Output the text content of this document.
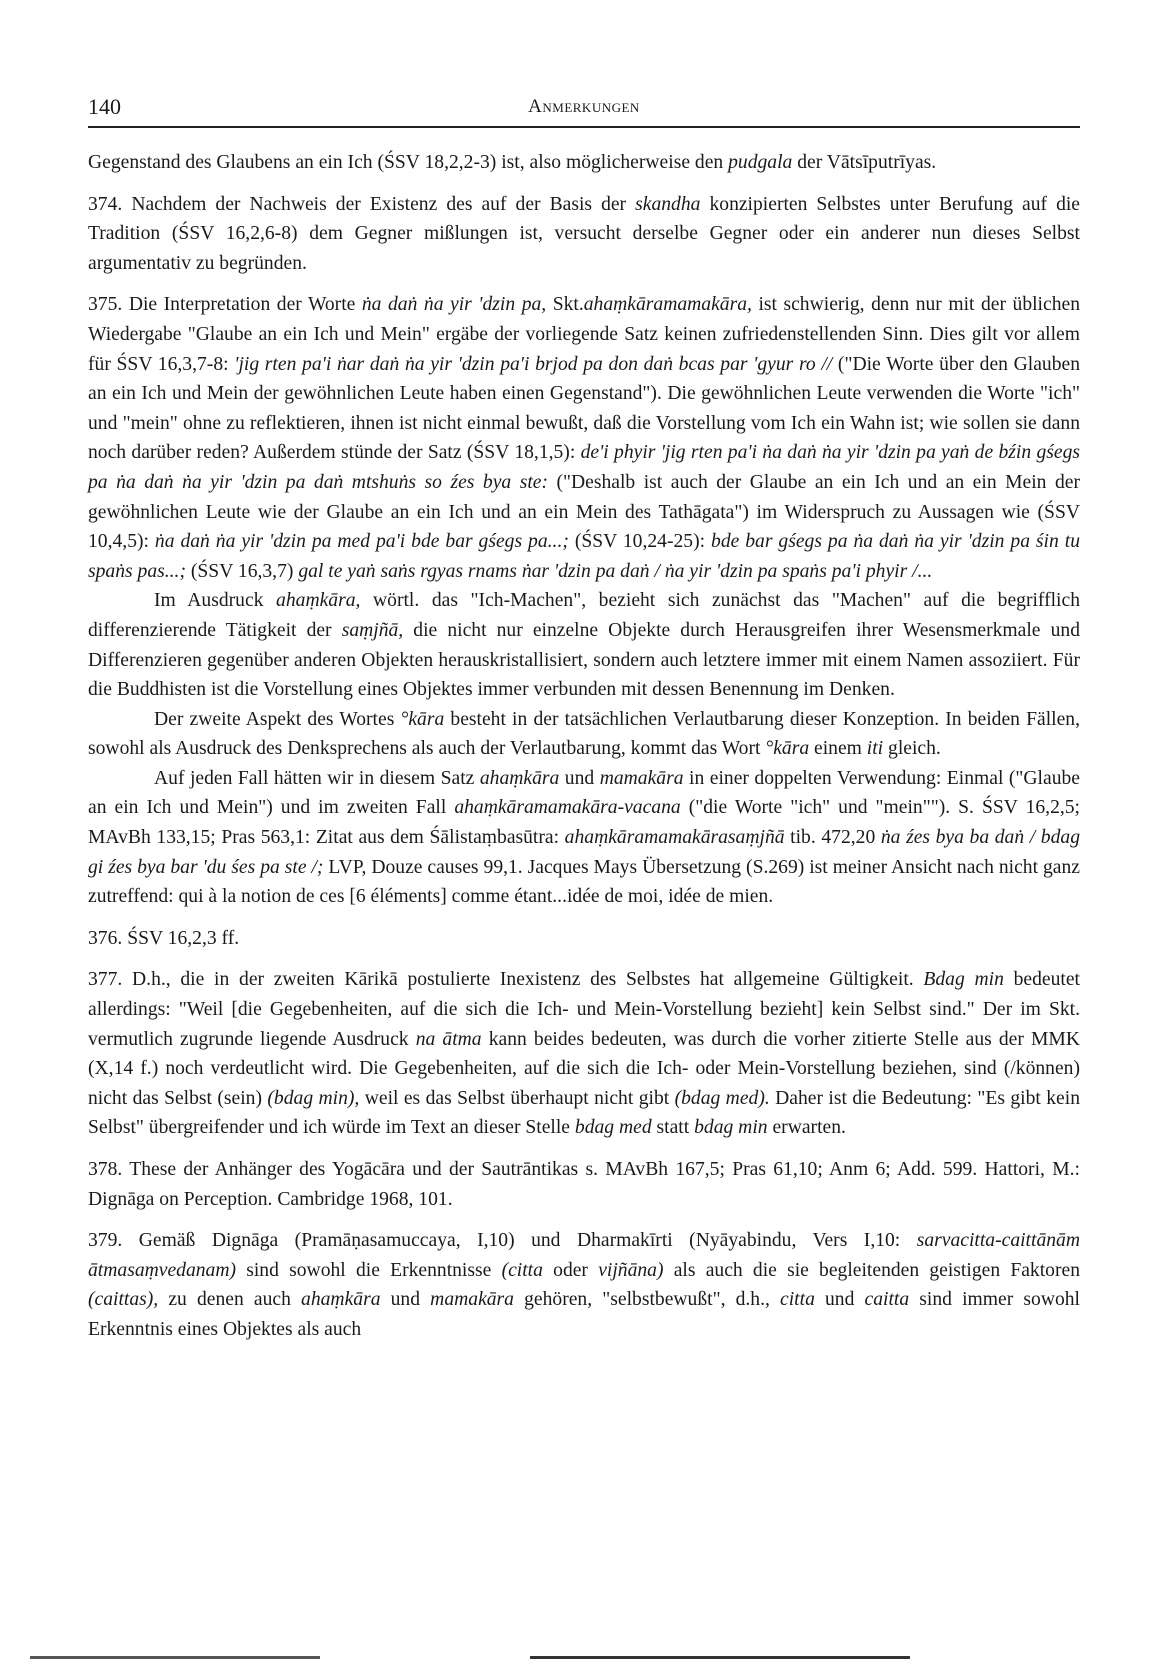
140	Anmerkungen

Gegenstand des Glaubens an ein Ich (ŚSV 18,2,2-3) ist, also möglicherweise den pudgala der Vātsīputrīyas.

374. Nachdem der Nachweis der Existenz des auf der Basis der skandha konzipierten Selbstes unter Berufung auf die Tradition (ŚSV 16,2,6-8) dem Gegner mißlungen ist, versucht derselbe Gegner oder ein anderer nun dieses Selbst argumentativ zu begründen.

375. Die Interpretation der Worte ṅa daṅ ṅa yir 'dzin pa, Skt.ahaṃkāramamakāra, ist schwierig, denn nur mit der üblichen Wiedergabe "Glaube an ein Ich und Mein" ergäbe der vorliegende Satz keinen zufriedenstellenden Sinn. Dies gilt vor allem für ŚSV 16,3,7-8: 'jig rten pa'i ṅar daṅ ṅa yir 'dzin pa'i brjod pa don daṅ bcas par 'gyur ro // ("Die Worte über den Glauben an ein Ich und Mein der gewöhnlichen Leute haben einen Gegenstand"). Die gewöhnlichen Leute verwenden die Worte "ich" und "mein" ohne zu reflektieren, ihnen ist nicht einmal bewußt, daß die Vorstellung vom Ich ein Wahn ist; wie sollen sie dann noch darüber reden? Außerdem stünde der Satz (ŚSV 18,1,5): de'i phyir 'jig rten pa'i ṅa daṅ ṅa yir 'dzin pa yaṅ de bźin gśegs pa ṅa daṅ ṅa yir 'dzin pa daṅ mtshuṅs so źes bya ste: ("Deshalb ist auch der Glaube an ein Ich und an ein Mein der gewöhnlichen Leute wie der Glaube an ein Ich und an ein Mein des Tathāgata") im Widerspruch zu Aussagen wie (ŚSV 10,4,5): ṅa daṅ ṅa yir 'dzin pa med pa'i bde bar gśegs pa...; (ŚSV 10,24-25): bde bar gśegs pa ṅa daṅ ṅa yir 'dzin pa śin tu spaṅs pas...; (ŚSV 16,3,7) gal te yaṅ saṅs rgyas rnams ṅar 'dzin pa daṅ / ṅa yir 'dzin pa spaṅs pa'i phyir /...

Im Ausdruck ahaṃkāra, wörtl. das "Ich-Machen", bezieht sich zunächst das "Machen" auf die begrifflich differenzierende Tätigkeit der saṃjñā, die nicht nur einzelne Objekte durch Herausgreifen ihrer Wesensmerkmale und Differenzieren gegenüber anderen Objekten herauskristallisiert, sondern auch letztere immer mit einem Namen assoziiert. Für die Buddhisten ist die Vorstellung eines Objektes immer verbunden mit dessen Benennung im Denken.

Der zweite Aspekt des Wortes °kāra besteht in der tatsächlichen Verlautbarung dieser Konzeption. In beiden Fällen, sowohl als Ausdruck des Denksprechens als auch der Verlautbarung, kommt das Wort °kāra einem iti gleich.

Auf jeden Fall hätten wir in diesem Satz ahaṃkāra und mamakāra in einer doppelten Verwendung: Einmal ("Glaube an ein Ich und Mein") und im zweiten Fall ahaṃkāramamakāra-vacana ("die Worte "ich" und "mein""). S. ŚSV 16,2,5; MAvBh 133,15; Pras 563,1: Zitat aus dem Śālistaṃbasūtra: ahaṃkāramamakārasaṃjñā tib. 472,20 ṅa źes bya ba daṅ / bdag gi źes bya bar 'du śes pa ste /; LVP, Douze causes 99,1. Jacques Mays Übersetzung (S.269) ist meiner Ansicht nach nicht ganz zutreffend: qui à la notion de ces [6 éléments] comme étant...idée de moi, idée de mien.

376. ŚSV 16,2,3 ff.

377. D.h., die in der zweiten Kārikā postulierte Inexistenz des Selbstes hat allgemeine Gültigkeit. Bdag min bedeutet allerdings: "Weil [die Gegebenheiten, auf die sich die Ich- und Mein-Vorstellung bezieht] kein Selbst sind." Der im Skt. vermutlich zugrunde liegende Ausdruck na ātma kann beides bedeuten, was durch die vorher zitierte Stelle aus der MMK (X,14 f.) noch verdeutlicht wird. Die Gegebenheiten, auf die sich die Ich- oder Mein-Vorstellung beziehen, sind (/können) nicht das Selbst (sein) (bdag min), weil es das Selbst überhaupt nicht gibt (bdag med). Daher ist die Bedeutung: "Es gibt kein Selbst" übergreifender und ich würde im Text an dieser Stelle bdag med statt bdag min erwarten.

378. These der Anhänger des Yogācāra und der Sautrāntikas s. MAvBh 167,5; Pras 61,10; Anm 6; Add. 599. Hattori, M.: Dignāga on Perception. Cambridge 1968, 101.

379. Gemäß Dignāga (Pramāṇasamuccaya, I,10) und Dharmakīrti (Nyāyabindu, Vers I,10: sarvacitta-caittānām ātmasaṃvedanam) sind sowohl die Erkenntnisse (citta oder vijñāna) als auch die sie begleitenden geistigen Faktoren (caittas), zu denen auch ahaṃkāra und mamakāra gehören, "selbstbewußt", d.h., citta und caitta sind immer sowohl Erkenntnis eines Objektes als auch
